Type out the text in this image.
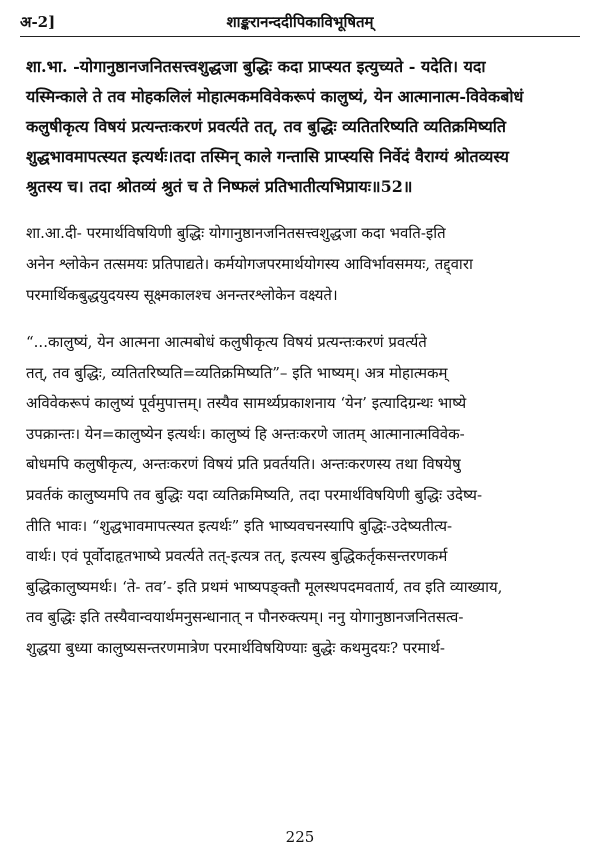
अ-2]	शाङ्करानन्ददीपिकाविभूषितम्

शा.भा. -योगानुष्ठानजनितसत्त्वशुद्धजा बुद्धिः कदा प्राप्स्यत इत्युच्यते - यदेति। यदा
यस्मिन्काले ते तव मोहकलिलं मोहात्मकमविवेकरूपं कालुष्यं, येन आत्मानात्म-विवेकबोधं
कलुषीकृत्य विषयं प्रत्यन्तःकरणं प्रवर्त्यते तत्, तव बुद्धिः व्यतितरिष्यति व्यतिक्रमिष्यति
शुद्धभावमापत्स्यत इत्यर्थः।तदा तस्मिन् काले गन्तासि प्राप्स्यसि निर्वेदं वैराग्यं श्रोतव्यस्य
श्रुतस्य च। तदा श्रोतव्यं श्रुतं च ते निष्फलं प्रतिभातीत्यभिप्रायः॥52॥

शा.आ.दी- परमार्थविषयिणी बुद्धिः योगानुष्ठानजनितसत्त्वशुद्धजा कदा भवति-इति
अनेन श्लोकेन तत्समयः प्रतिपाद्यते। कर्मयोगजपरमार्थयोगस्य आविर्भावसमयः, तद्द्वारा
परमार्थिकबुद्धयुदयस्य सूक्ष्मकालश्च अनन्तरश्लोकेन वक्ष्यते।

“...कालुष्यं, येन आत्मना आत्मबोधं कलुषीकृत्य विषयं प्रत्यन्तःकरणं प्रवर्त्यते
तत्, तव बुद्धिः, व्यतितरिष्यति=व्यतिक्रमिष्यति”– इति भाष्यम्। अत्र मोहात्मकम्
अविवेकरूपं कालुष्यं पूर्वमुपात्तम्। तस्यैव सामर्थ्यप्रकाशनाय ‘येन’ इत्यादिग्रन्थः भाष्ये
उपक्रान्तः। येन=कालुष्येन इत्यर्थः। कालुष्यं हि अन्तःकरणे जातम् आत्मानात्मविवेक-
बोधमपि कलुषीकृत्य, अन्तःकरणं विषयं प्रति प्रवर्तयति। अन्तःकरणस्य तथा विषयेषु
प्रवर्तकं कालुष्यमपि तव बुद्धिः यदा व्यतिक्रमिष्यति, तदा परमार्थविषयिणी बुद्धिः उदेष्य-
तीति भावः। “शुद्धभावमापत्स्यत इत्यर्थः” इति भाष्यवचनस्यापि बुद्धिः-उदेष्यतीत्य-
वार्थः। एवं पूर्वोदाहृतभाष्ये प्रवर्त्यते तत्-इत्यत्र तत्, इत्यस्य बुद्धिकर्तृकसन्तरणकर्म
बुद्धिकालुष्यमर्थः। ‘ते- तव’- इति प्रथमं भाष्यपङ्क्तौ मूलस्थपदमवतार्य, तव इति व्याख्याय,
तव बुद्धिः इति तस्यैवान्वयार्थमनुसन्धानात् न पौनरुक्त्यम्। ननु योगानुष्ठानजनितसत्व-
शुद्धया बुध्या कालुष्यसन्तरणमात्रेण परमार्थविषयिण्याः बुद्धेः कथमुदयः? परमार्थ-

225
